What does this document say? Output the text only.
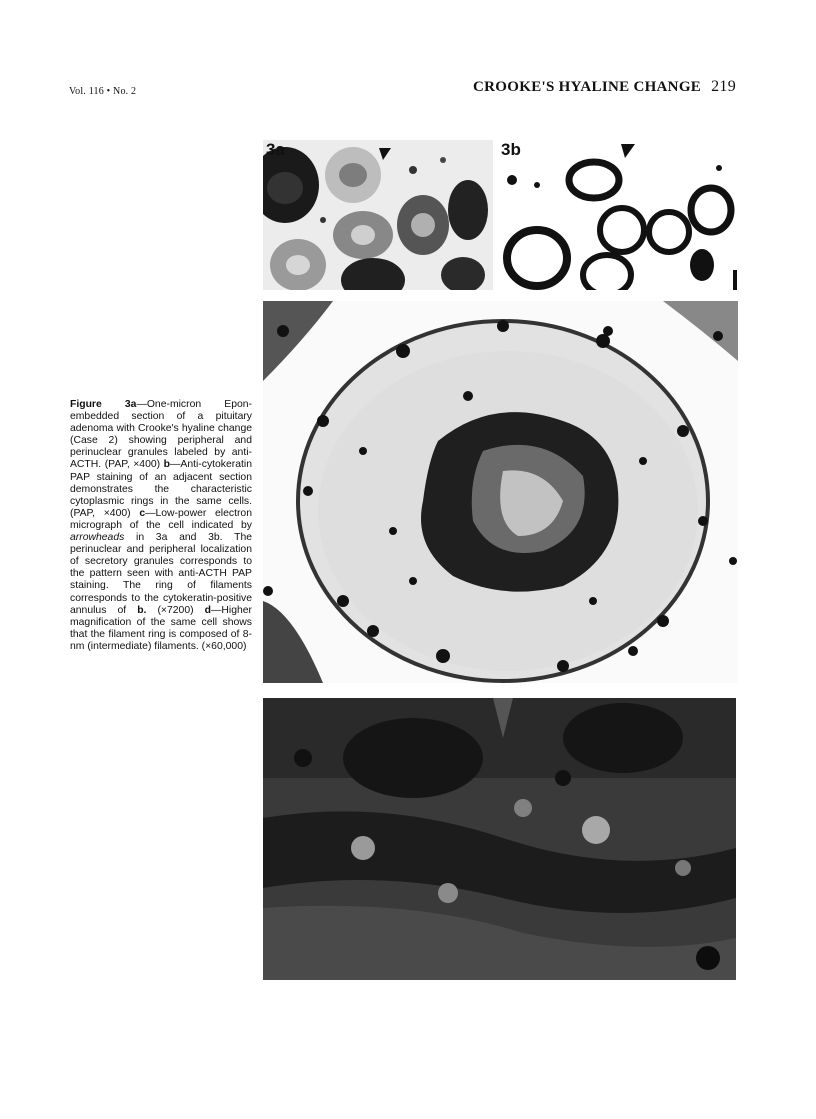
Vol. 116 • No. 2	CROOKE'S HYALINE CHANGE 219
Figure 3a—One-micron Epon-embedded section of a pituitary adenoma with Crooke's hyaline change (Case 2) showing peripheral and perinuclear granules labeled by anti-ACTH. (PAP, ×400) b—Anti-cytokeratin PAP staining of an adjacent section demonstrates the characteristic cytoplasmic rings in the same cells. (PAP, ×400) c—Low-power electron micrograph of the cell indicated by arrowheads in 3a and 3b. The perinuclear and peripheral localization of secretory granules corresponds to the pattern seen with anti-ACTH PAP staining. The ring of filaments corresponds to the cytokeratin-positive annulus of b. (×7200) d—Higher magnification of the same cell shows that the filament ring is composed of 8-nm (intermediate) filaments. (×60,000)
3a	3b
